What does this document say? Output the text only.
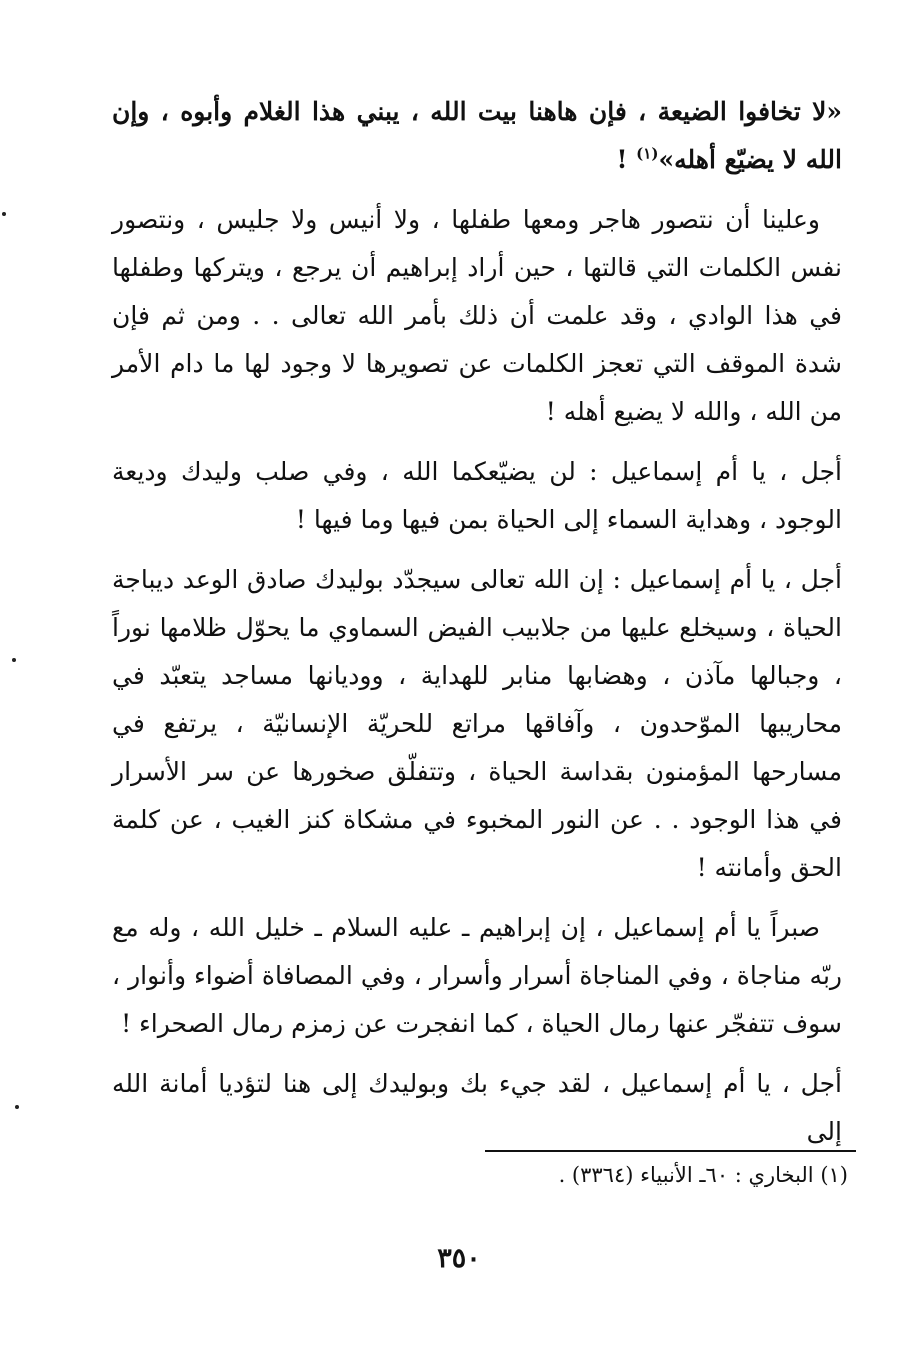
«لا تخافوا الضيعة ، فإن هاهنا بيت الله ، يبني هذا الغلام وأبوه ، وإن الله لا يضيّع أهله»$^{(١)}$ !

وعلينا أن نتصور هاجر ومعها طفلها ، ولا أنيس ولا جليس ، ونتصور نفس الكلمات التي قالتها ، حين أراد إبراهيم أن يرجع ، ويتركها وطفلها في هذا الوادي ، وقد علمت أن ذلك بأمر الله تعالى . . ومن ثم فإن شدة الموقف التي تعجز الكلمات عن تصويرها لا وجود لها ما دام الأمر من الله ، والله لا يضيع أهله !

أجل ، يا أم إسماعيل : لن يضيّعكما الله ، وفي صلب وليدك وديعة الوجود ، وهداية السماء إلى الحياة بمن فيها وما فيها !

أجل ، يا أم إسماعيل : إن الله تعالى سيجدّد بوليدك صادق الوعد ديباجة الحياة ، وسيخلع عليها من جلابيب الفيض السماوي ما يحوّل ظلامها نوراً ، وجبالها مآذن ، وهضابها منابر للهداية ، ووديانها مساجد يتعبّد في محاريبها الموّحدون ، وآفاقها مراتع للحريّة الإنسانيّة ، يرتفع في مسارحها المؤمنون بقداسة الحياة ، وتتفلّق صخورها عن سر الأسرار في هذا الوجود . . عن النور المخبوء في مشكاة كنز الغيب ، عن كلمة الحق وأمانته !

صبراً يا أم إسماعيل ، إن إبراهيم ـ عليه السلام ـ خليل الله ، وله مع ربّه مناجاة ، وفي المناجاة أسرار وأسرار ، وفي المصافاة أضواء وأنوار ، سوف تتفجّر عنها رمال الحياة ، كما انفجرت عن زمزم رمال الصحراء !

أجل ، يا أم إسماعيل ، لقد جيء بك وبوليدك إلى هنا لتؤديا أمانة الله إلى

(١) البخاري : ٦٠ـ الأنبياء (٣٣٦٤) .
٣٥٠
